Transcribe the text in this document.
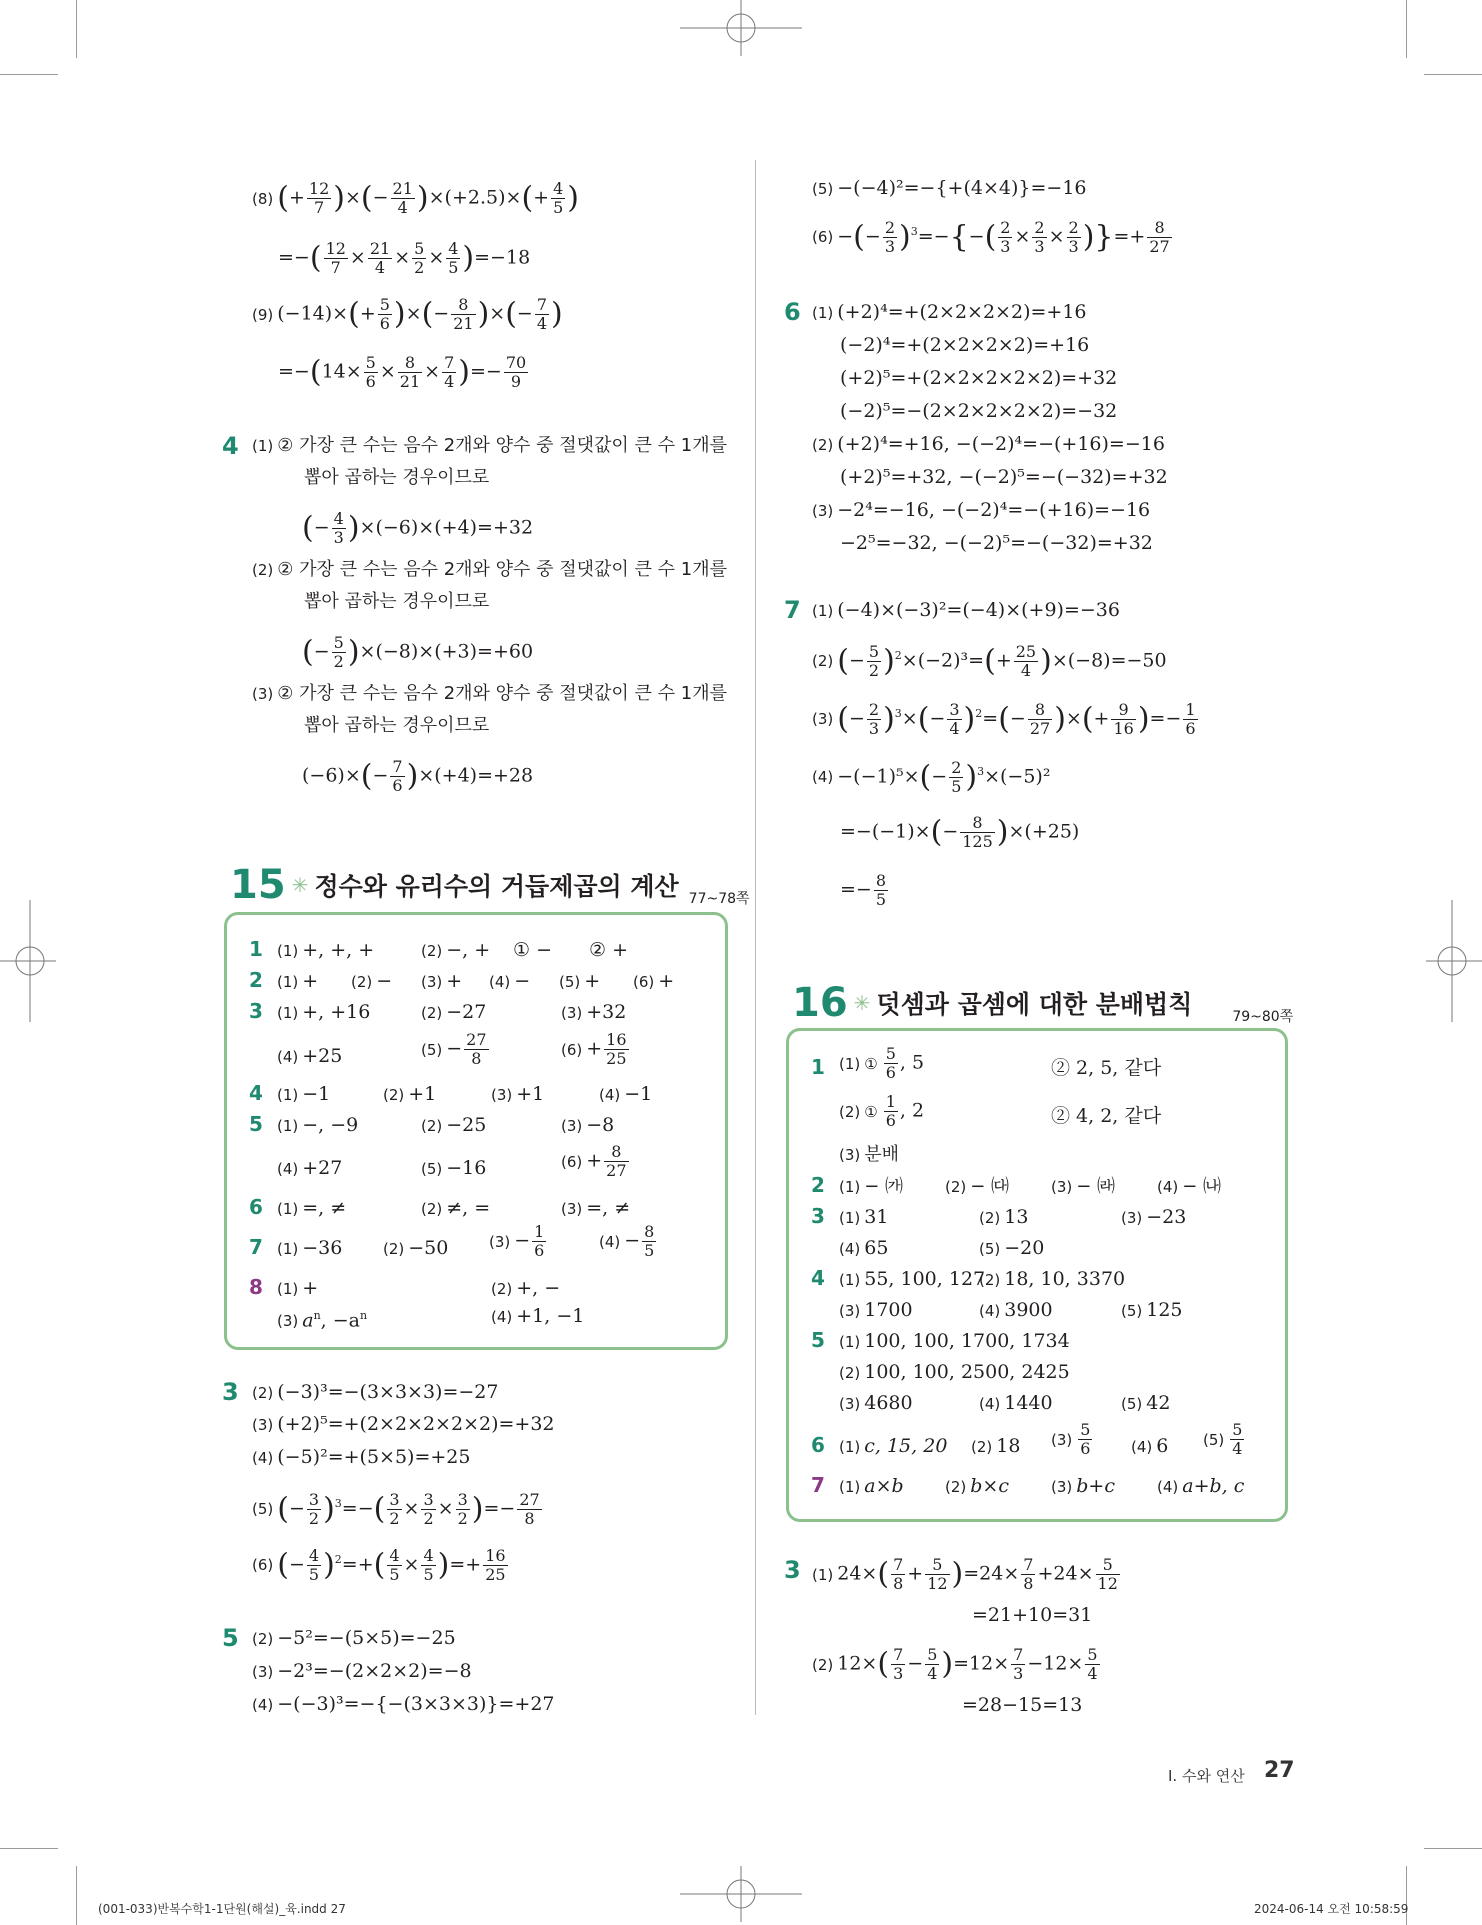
(8) (+ $\frac{12}{7}$ )×(− $\frac{21}{4} )\times(+2.5)\times(+ \frac{4}{5}$ )
=−( $\frac{12}{7} \times \frac{21}{4} \times \frac{5}{2} \times \frac{4}{5} )=-18$
(9) $(-14)\times(+ \frac{5}{6}$ )×(− $\frac{8}{21}$ )×(− $\frac{7}{4}$ )
$=-(14\times \frac{5}{6} \times \frac{8}{21} \times \frac{7}{4}$ )=− $\frac{70}{9}$
4 (1) ② 가장 큰 수는 음수 2개와 양수 중 절댓값이 큰 수 1개를
뽑아 곱하는 경우이므로
(− $\frac{4}{3} )\times(-6)\times(+4)=+32$
(2) ② 가장 큰 수는 음수 2개와 양수 중 절댓값이 큰 수 1개를
뽑아 곱하는 경우이므로
(− $\frac{5}{2} )\times(-8)\times(+3)=+60$
(3) ② 가장 큰 수는 음수 2개와 양수 중 절댓값이 큰 수 1개를
뽑아 곱하는 경우이므로
$(-6)\times(- \frac{7}{6} )\times(+4)=+28$
15 ✳ 정수와 유리수의 거듭제곱의 계산 77~78쪽
1 (1) +, +, +	(2) −, + ① − ② +
2 (1) + (2) − (3) + (4) − (5) + (6) +
3 (1) +, +16	(2) −27	(3) +32
(4) +25	$(5) - \frac{27}{8}$	$(6) + \frac{16}{25}$
4 (1) −1	(2) +1	(3) +1	(4) −1
5 (1) −, −9	(2) −25	(3) −8
(4) +27	(5) −16	$(6) + \frac{8}{27}$
6 (1) =, ≠	(2) ≠, =	(3) =, ≠
7 (1) −36	(2) −50	$(3) - \frac{1}{6}$	$(4) - \frac{8}{5}$
8 (1) +	(2) +, −
(3) $a^n$, $-a^n$	(4) +1, −1
3 (2) (−3)³=−(3×3×3)=−27
(3) (+2)⁵=+(2×2×2×2×2)=+32
(4) (−5)²=+(5×5)=+25
(5) (− $\frac{3}{2} )^3=-( \frac{3}{2} \times \frac{3}{2} \times \frac{3}{2}$ )=− $\frac{27}{8}$
(6) (− $\frac{4}{5} )^2=+( \frac{4}{5} \times \frac{4}{5}$ )=+ $\frac{16}{25}$
5 (2) −5²=−(5×5)=−25
(3) −2³=−(2×2×2)=−8
(4) −(−3)³=−{−(3×3×3)}=+27
(5) −(−4)²=−{+(4×4)}=−16
(6) −(− $\frac{2}{3} )^3=-\{-( \frac{2}{3} \times \frac{2}{3} \times \frac{2}{3}$ )}=+ $\frac{8}{27}$
6 (1) (+2)⁴=+(2×2×2×2)=+16
(−2)⁴=+(2×2×2×2)=+16
(+2)⁵=+(2×2×2×2×2)=+32
(−2)⁵=−(2×2×2×2×2)=−32
(2) (+2)⁴=+16, −(−2)⁴=−(+16)=−16
(+2)⁵=+32, −(−2)⁵=−(−32)=+32
(3) −2⁴=−16, −(−2)⁴=−(+16)=−16
−2⁵=−32, −(−2)⁵=−(−32)=+32
7 (1) (−4)×(−3)²=(−4)×(+9)=−36
(2) (− $\frac{5}{2} )^2\times(-2)^3=(+ \frac{25}{4} )\times(-8)=-50$
(3) (− $\frac{2}{3} )^3\times(- \frac{3}{4} )^2=(- \frac{8}{27}$ )×(+ $\frac{9}{16}$ )=− $\frac{1}{6}$
$(4) -(-1)^5\times(- \frac{2}{5} )^3\times(-5)^2$
$=-(-1)\times(- \frac{8}{125} )\times(+25)$
=− $\frac{8}{5}$
16 ✳ 덧셈과 곱셈에 대한 분배법칙	79~80쪽
1 (1) ① $\frac{5}{6}$ , 5	② 2, 5, 같다
(2) ① $\frac{1}{6}$ , 2	② 4, 2, 같다
(3) 분배
2 (1) − ㈎	(2) − ㈐	(3) − ㈑	(4) − ㈏
3 (1) 31	(2) 13	(3) −23
(4) 65	(5) −20
4 (1) 55, 100, 127
(2) 18, 10, 3370
(3) 1700	(4) 3900	(5) 125
5 (1) 100, 100, 1700, 1734
(2) 100, 100, 2500, 2425
(3) 4680	(4) 1440	(5) 42
6 (1) c, 15, 20 (2) 18 $(3) \frac{5}{6}$	(4) 6 $(5) \frac{5}{4}$
7 (1) a×b	(2) b×c	(3) b+c	(4) a+b, c
3 (1) $24\times( \frac{7}{8} + \frac{5}{12} )=24\times \frac{7}{8} +24\times \frac{5}{12}$
=21+10=31
(2) $12\times( \frac{7}{3} - \frac{5}{4} )=12\times \frac{7}{3} -12\times \frac{5}{4}$
=28−15=13
I. 수와 연산 27
(001-033)반복수학1-1단원(해설)_육.indd 27	2024-06-14 오전 10:58:59
